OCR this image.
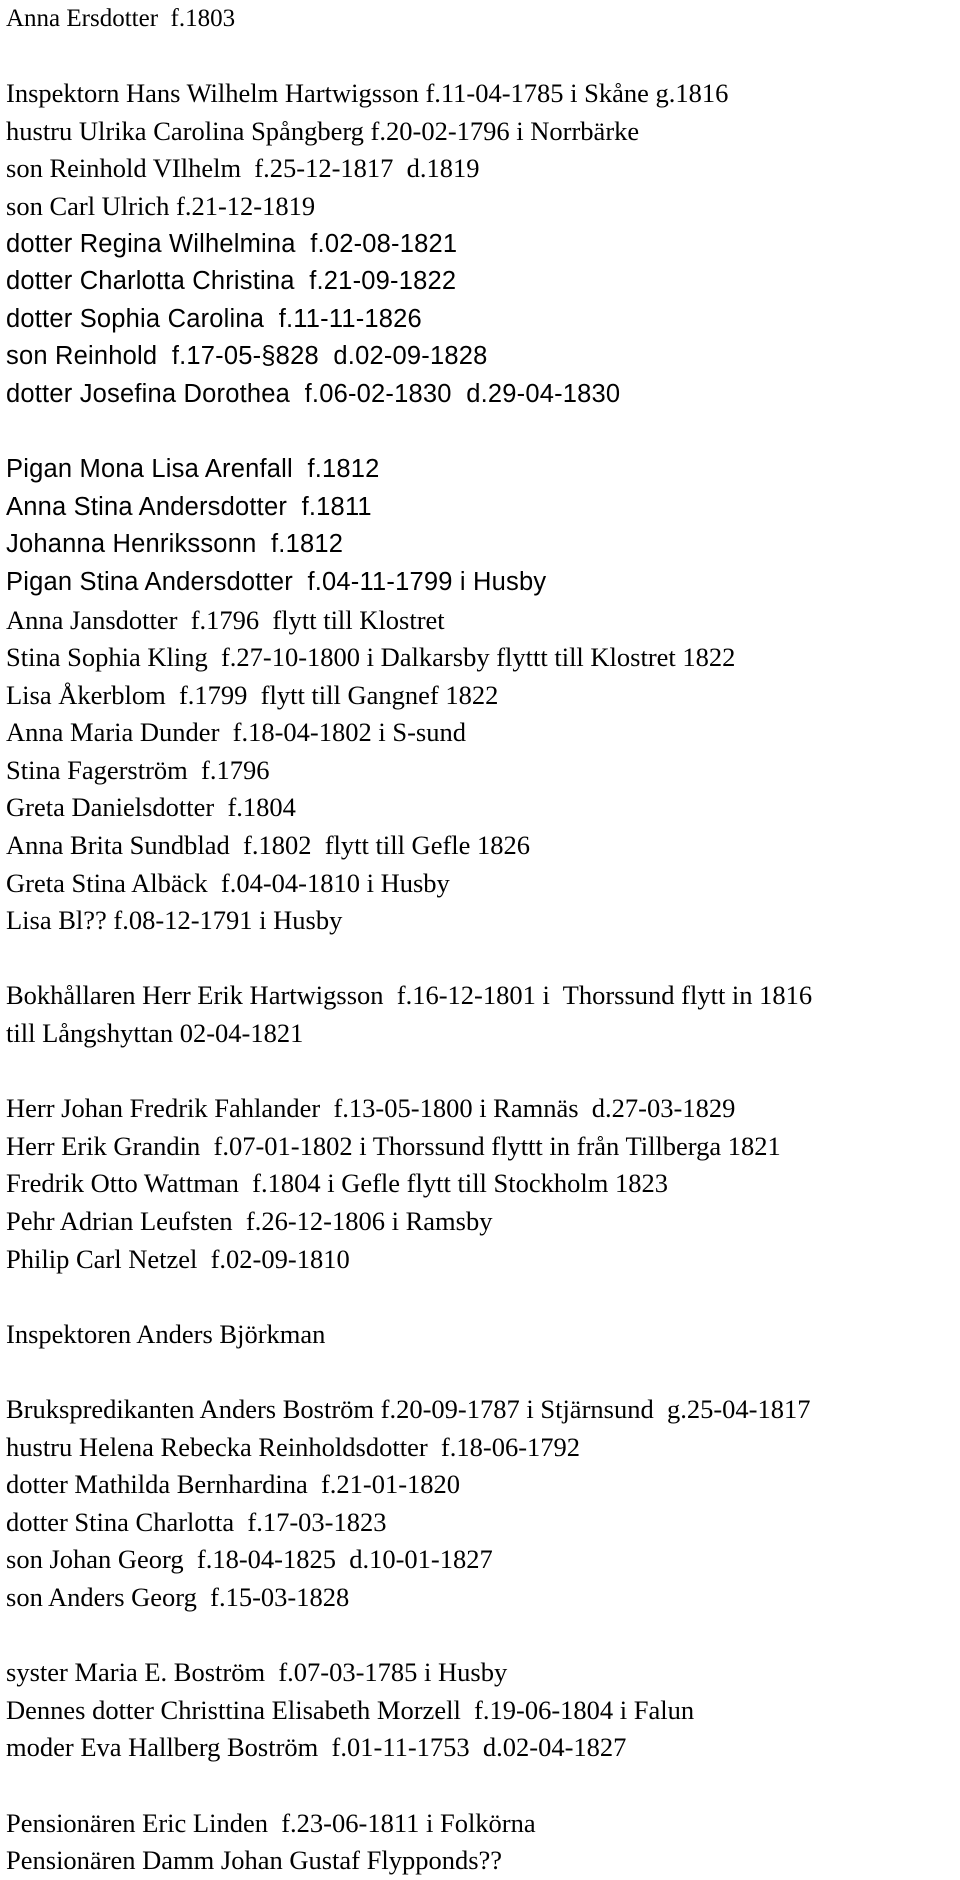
Anna Ersdotter  f.1803
Inspektorn Hans Wilhelm Hartwigsson f.11-04-1785 i Skåne g.1816
hustru Ulrika Carolina Spångberg f.20-02-1796 i Norrbärke
son Reinhold VIlhelm  f.25-12-1817  d.1819
son Carl Ulrich f.21-12-1819
dotter Regina Wilhelmina  f.02-08-1821
dotter Charlotta Christina  f.21-09-1822
dotter Sophia Carolina  f.11-11-1826
son Reinhold  f.17-05-§828  d.02-09-1828
dotter Josefina Dorothea  f.06-02-1830  d.29-04-1830
Pigan Mona Lisa Arenfall  f.1812
Anna Stina Andersdotter  f.1811
Johanna Henrikssonn  f.1812
Pigan Stina Andersdotter  f.04-11-1799 i Husby
Anna Jansdotter  f.1796  flytt till Klostret
Stina Sophia Kling  f.27-10-1800 i Dalkarsby flyttt till Klostret 1822
Lisa Åkerblom  f.1799  flytt till Gangnef 1822
Anna Maria Dunder  f.18-04-1802 i S-sund
Stina Fagerström  f.1796
Greta Danielsdotter  f.1804
Anna Brita Sundblad  f.1802  flytt till Gefle 1826
Greta Stina Albäck  f.04-04-1810 i Husby
Lisa Bl?? f.08-12-1791 i Husby
Bokhållaren Herr Erik Hartwigsson  f.16-12-1801 i  Thorssund flytt in 1816
till Långshyttan 02-04-1821
Herr Johan Fredrik Fahlander  f.13-05-1800 i Ramnäs  d.27-03-1829
Herr Erik Grandin  f.07-01-1802 i Thorssund flyttt in från Tillberga 1821
Fredrik Otto Wattman  f.1804 i Gefle flytt till Stockholm 1823
Pehr Adrian Leufsten  f.26-12-1806 i Ramsby
Philip Carl Netzel  f.02-09-1810
Inspektoren Anders Björkman
Brukspredikanten Anders Boström f.20-09-1787 i Stjärnsund  g.25-04-1817
hustru Helena Rebecka Reinholdsdotter  f.18-06-1792
dotter Mathilda Bernhardina  f.21-01-1820
dotter Stina Charlotta  f.17-03-1823
son Johan Georg  f.18-04-1825  d.10-01-1827
son Anders Georg  f.15-03-1828
syster Maria E. Boström  f.07-03-1785 i Husby
Dennes dotter Christtina Elisabeth Morzell  f.19-06-1804 i Falun
moder Eva Hallberg Boström  f.01-11-1753  d.02-04-1827
Pensionären Eric Linden  f.23-06-1811 i Folkörna
Pensionären Damm Johan Gustaf Flypponds??
